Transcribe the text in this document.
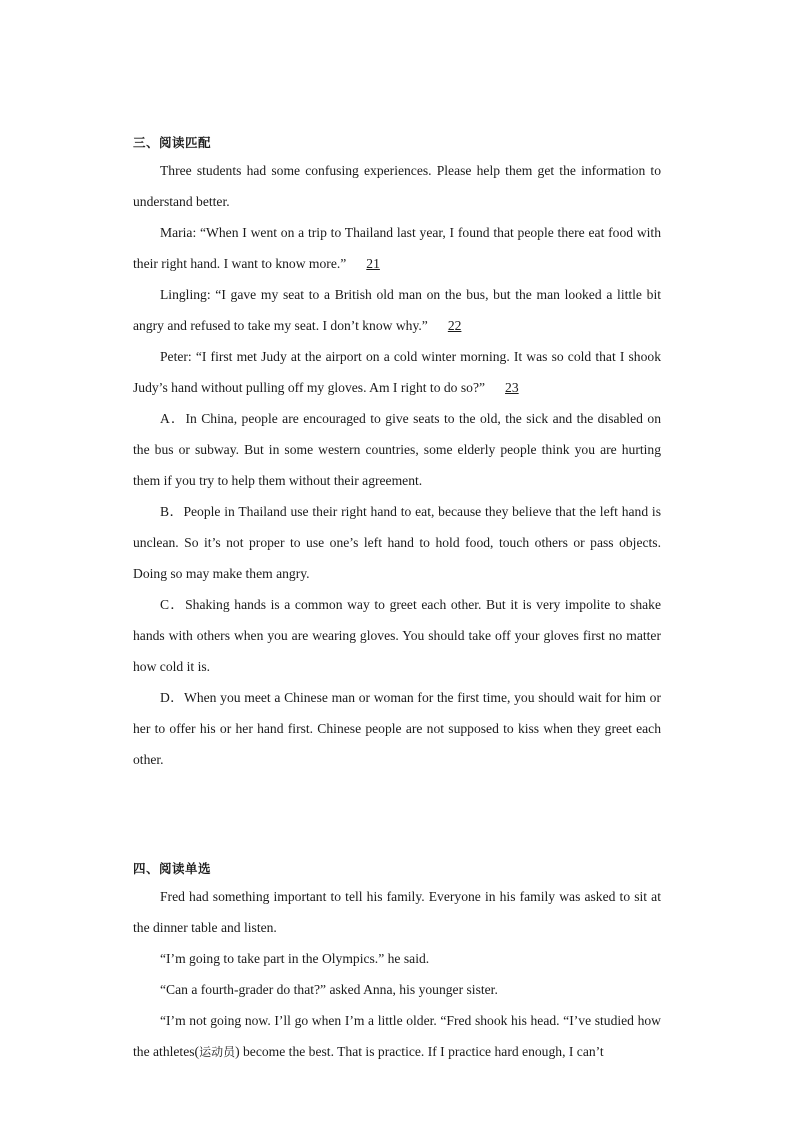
三、阅读匹配

Three students had some confusing experiences. Please help them get the information to understand better.

Maria: “When I went on a trip to Thailand last year, I found that people there eat food with their right hand. I want to know more.” 21

Lingling: “I gave my seat to a British old man on the bus, but the man looked a little bit angry and refused to take my seat. I don’t know why.” 22

Peter: “I first met Judy at the airport on a cold winter morning. It was so cold that I shook Judy’s hand without pulling off my gloves. Am I right to do so?” 23

A．In China, people are encouraged to give seats to the old, the sick and the disabled on the bus or subway. But in some western countries, some elderly people think you are hurting them if you try to help them without their agreement.

B．People in Thailand use their right hand to eat, because they believe that the left hand is unclean. So it’s not proper to use one’s left hand to hold food, touch others or pass objects. Doing so may make them angry.

C．Shaking hands is a common way to greet each other. But it is very impolite to shake hands with others when you are wearing gloves. You should take off your gloves first no matter how cold it is.

D．When you meet a Chinese man or woman for the first time, you should wait for him or her to offer his or her hand first. Chinese people are not supposed to kiss when they greet each other.

四、阅读单选

Fred had something important to tell his family. Everyone in his family was asked to sit at the dinner table and listen.

“I’m going to take part in the Olympics.” he said.

“Can a fourth-grader do that?” asked Anna, his younger sister.

“I’m not going now. I’ll go when I’m a little older. “Fred shook his head. “I’ve studied how the athletes(运动员) become the best. That is practice. If I practice hard enough, I can’t
